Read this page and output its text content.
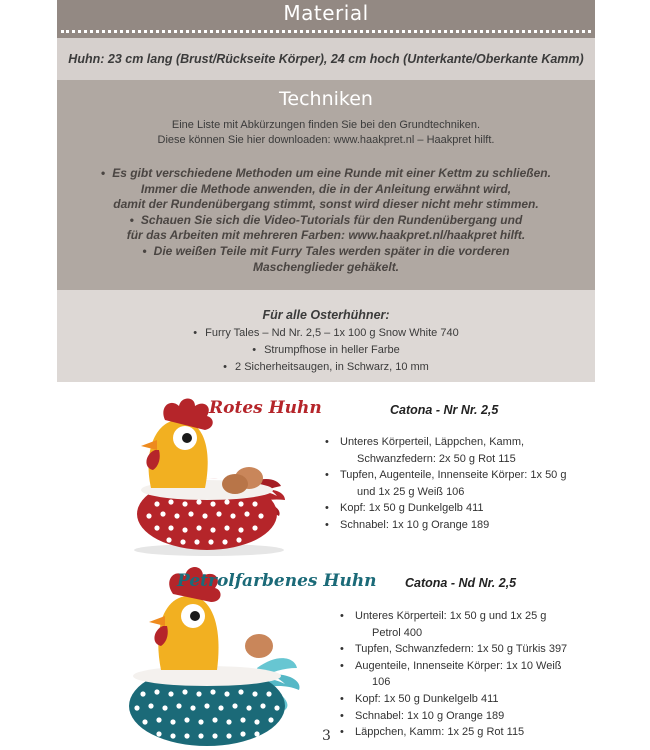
Material
Huhn: 23 cm lang (Brust/Rückseite Körper), 24 cm hoch (Unterkante/Oberkante Kamm)
Techniken
Eine Liste mit Abkürzungen finden Sie bei den Grundtechniken.
Diese können Sie hier downloaden: www.haakpret.nl – Haakpret hilft.
• Es gibt verschiedene Methoden um eine Runde mit einer Kettm zu schließen.
Immer die Methode anwenden, die in der Anleitung erwähnt wird,
damit der Rundenübergang stimmt, sonst wird dieser nicht mehr stimmen.
• Schauen Sie sich die Video-Tutorials für den Rundenübergang und
für das Arbeiten mit mehreren Farben: www.haakpret.nl/haakpret hilft.
• Die weißen Teile mit Furry Tales werden später in die vorderen
Maschenglieder gehäkelt.
Für alle Osterhühner:
• Furry Tales – Nd Nr. 2,5 – 1x 100 g Snow White 740
• Strumpfhose in heller Farbe
• 2 Sicherheitsaugen, in Schwarz, 10 mm
Rotes Huhn	Catona - Nr Nr. 2,5
• Unteres Körperteil, Läppchen, Kamm,
Schwanzfedern: 2x 50 g Rot 115
• Tupfen, Augenteile, Innenseite Körper: 1x 50 g
und 1x 25 g Weiß 106
• Kopf: 1x 50 g Dunkelgelb 411
• Schnabel: 1x 10 g Orange 189
Petrolfarbenes Huhn Catona - Nd Nr. 2,5
• Unteres Körperteil: 1x 50 g und 1x 25 g
Petrol 400
• Tupfen, Schwanzfedern: 1x 50 g Türkis 397
• Augenteile, Innenseite Körper: 1x 10 Weiß
106
• Kopf: 1x 50 g Dunkelgelb 411
• Schnabel: 1x 10 g Orange 189
• Läppchen, Kamm: 1x 25 g Rot 115
3
